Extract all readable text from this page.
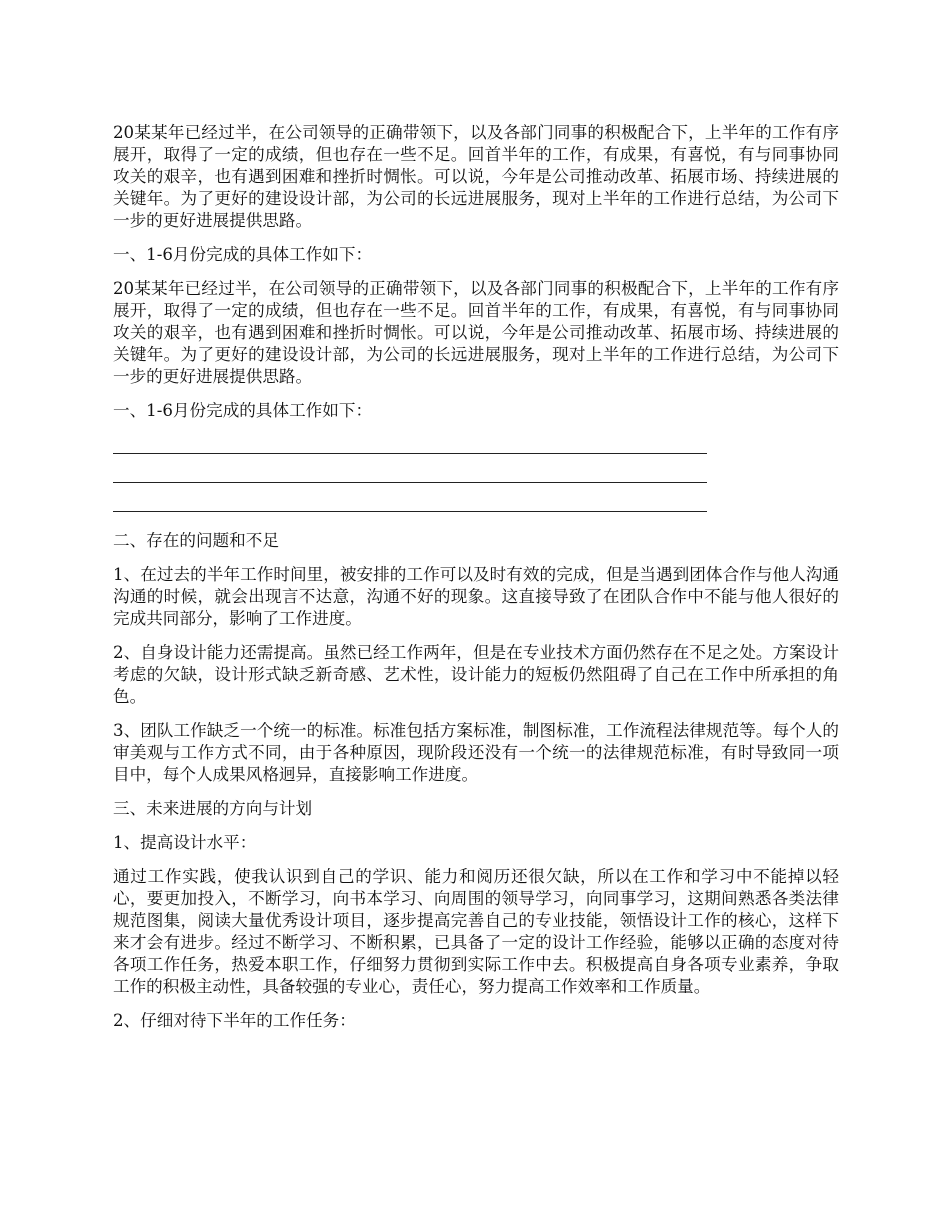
20某某年已经过半，在公司领导的正确带领下，以及各部门同事的积极配合下，上半年的工作有序展开，取得了一定的成绩，但也存在一些不足。回首半年的工作，有成果，有喜悦，有与同事协同攻关的艰辛，也有遇到困难和挫折时惆怅。可以说，今年是公司推动改革、拓展市场、持续进展的关键年。为了更好的建设设计部，为公司的长远进展服务，现对上半年的工作进行总结，为公司下一步的更好进展提供思路。

一、1-6月份完成的具体工作如下：

20某某年已经过半，在公司领导的正确带领下，以及各部门同事的积极配合下，上半年的工作有序展开，取得了一定的成绩，但也存在一些不足。回首半年的工作，有成果，有喜悦，有与同事协同攻关的艰辛，也有遇到困难和挫折时惆怅。可以说，今年是公司推动改革、拓展市场、持续进展的关键年。为了更好的建设设计部，为公司的长远进展服务，现对上半年的工作进行总结，为公司下一步的更好进展提供思路。

一、1-6月份完成的具体工作如下：

二、存在的问题和不足

1、在过去的半年工作时间里，被安排的工作可以及时有效的完成，但是当遇到团体合作与他人沟通沟通的时候，就会出现言不达意，沟通不好的现象。这直接导致了在团队合作中不能与他人很好的完成共同部分，影响了工作进度。

2、自身设计能力还需提高。虽然已经工作两年，但是在专业技术方面仍然存在不足之处。方案设计考虑的欠缺，设计形式缺乏新奇感、艺术性，设计能力的短板仍然阻碍了自己在工作中所承担的角色。

3、团队工作缺乏一个统一的标准。标准包括方案标准，制图标准，工作流程法律规范等。每个人的审美观与工作方式不同，由于各种原因，现阶段还没有一个统一的法律规范标准，有时导致同一项目中，每个人成果风格迥异，直接影响工作进度。

三、未来进展的方向与计划

1、提高设计水平：

通过工作实践，使我认识到自己的学识、能力和阅历还很欠缺，所以在工作和学习中不能掉以轻心，要更加投入，不断学习，向书本学习、向周围的领导学习，向同事学习，这期间熟悉各类法律规范图集，阅读大量优秀设计项目，逐步提高完善自己的专业技能，领悟设计工作的核心，这样下来才会有进步。经过不断学习、不断积累，已具备了一定的设计工作经验，能够以正确的态度对待各项工作任务，热爱本职工作，仔细努力贯彻到实际工作中去。积极提高自身各项专业素养，争取工作的积极主动性，具备较强的专业心，责任心，努力提高工作效率和工作质量。

2、仔细对待下半年的工作任务：
